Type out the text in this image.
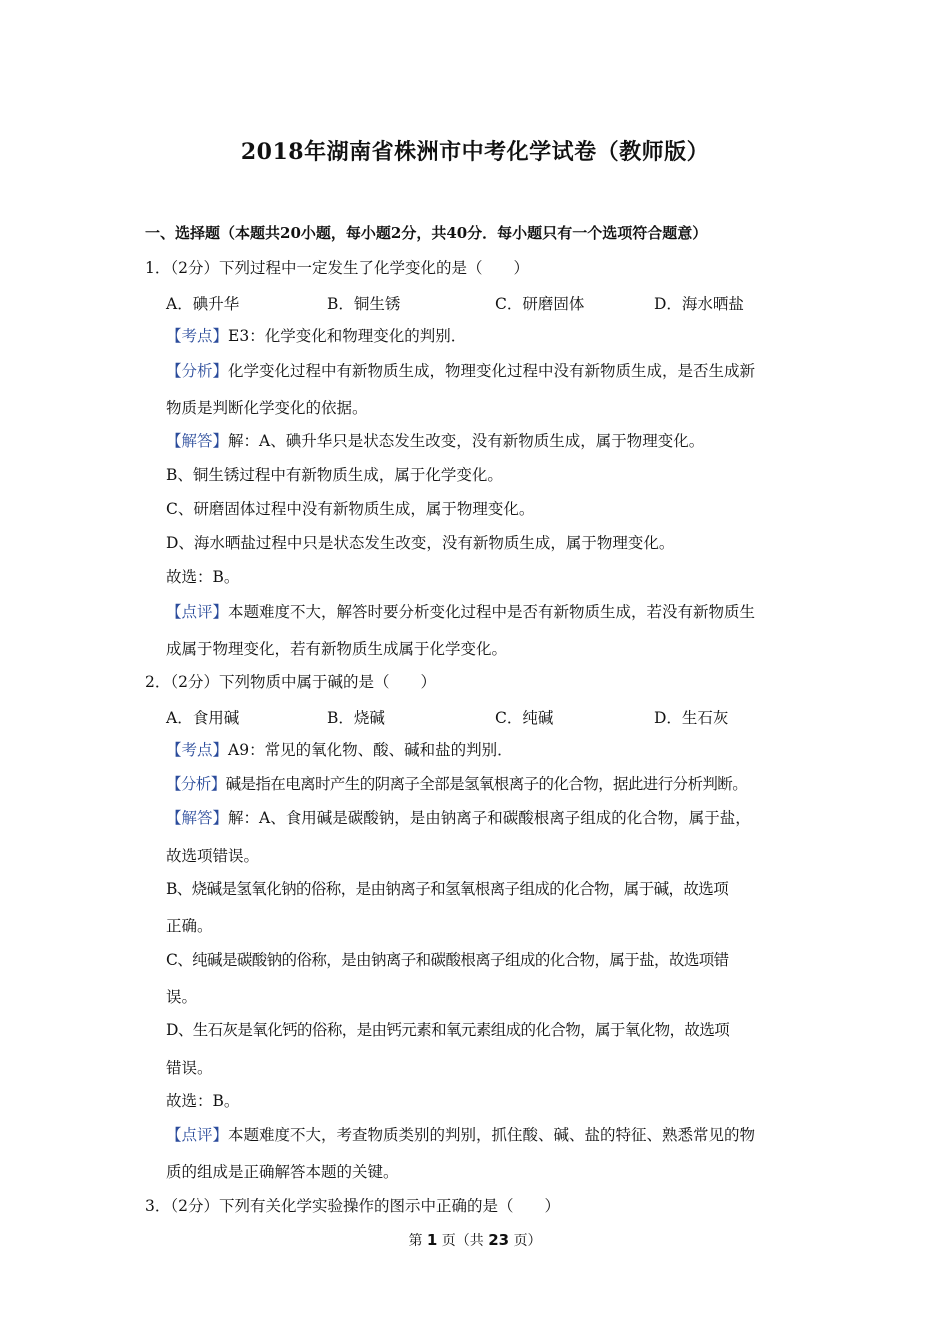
2018年湖南省株洲市中考化学试卷（教师版）
一、选择题（本题共20小题，每小题2分，共40分．每小题只有一个选项符合题意）
1．（2分）下列过程中一定发生了化学变化的是（　　）
A．碘升华	B．铜生锈	C．研磨固体	D．海水晒盐
【考点】E3：化学变化和物理变化的判别．
【分析】化学变化过程中有新物质生成，物理变化过程中没有新物质生成，是否生成新
物质是判断化学变化的依据。
【解答】解：A、碘升华只是状态发生改变，没有新物质生成，属于物理变化。
B、铜生锈过程中有新物质生成，属于化学变化。
C、研磨固体过程中没有新物质生成，属于物理变化。
D、海水晒盐过程中只是状态发生改变，没有新物质生成，属于物理变化。
故选：B。
【点评】本题难度不大，解答时要分析变化过程中是否有新物质生成，若没有新物质生
成属于物理变化，若有新物质生成属于化学变化。
2．（2分）下列物质中属于碱的是（　　）
A．食用碱	B．烧碱	C．纯碱	D．生石灰
【考点】A9：常见的氧化物、酸、碱和盐的判别．
【分析】碱是指在电离时产生的阴离子全部是氢氧根离子的化合物，据此进行分析判断。
【解答】解：A、食用碱是碳酸钠，是由钠离子和碳酸根离子组成的化合物，属于盐，
故选项错误。
B、烧碱是氢氧化钠的俗称，是由钠离子和氢氧根离子组成的化合物，属于碱，故选项
正确。
C、纯碱是碳酸钠的俗称，是由钠离子和碳酸根离子组成的化合物，属于盐，故选项错
误。
D、生石灰是氧化钙的俗称，是由钙元素和氧元素组成的化合物，属于氧化物，故选项
错误。
故选：B。
【点评】本题难度不大，考查物质类别的判别，抓住酸、碱、盐的特征、熟悉常见的物
质的组成是正确解答本题的关键。
3．（2分）下列有关化学实验操作的图示中正确的是（　　）
第 1 页（共 23 页）
